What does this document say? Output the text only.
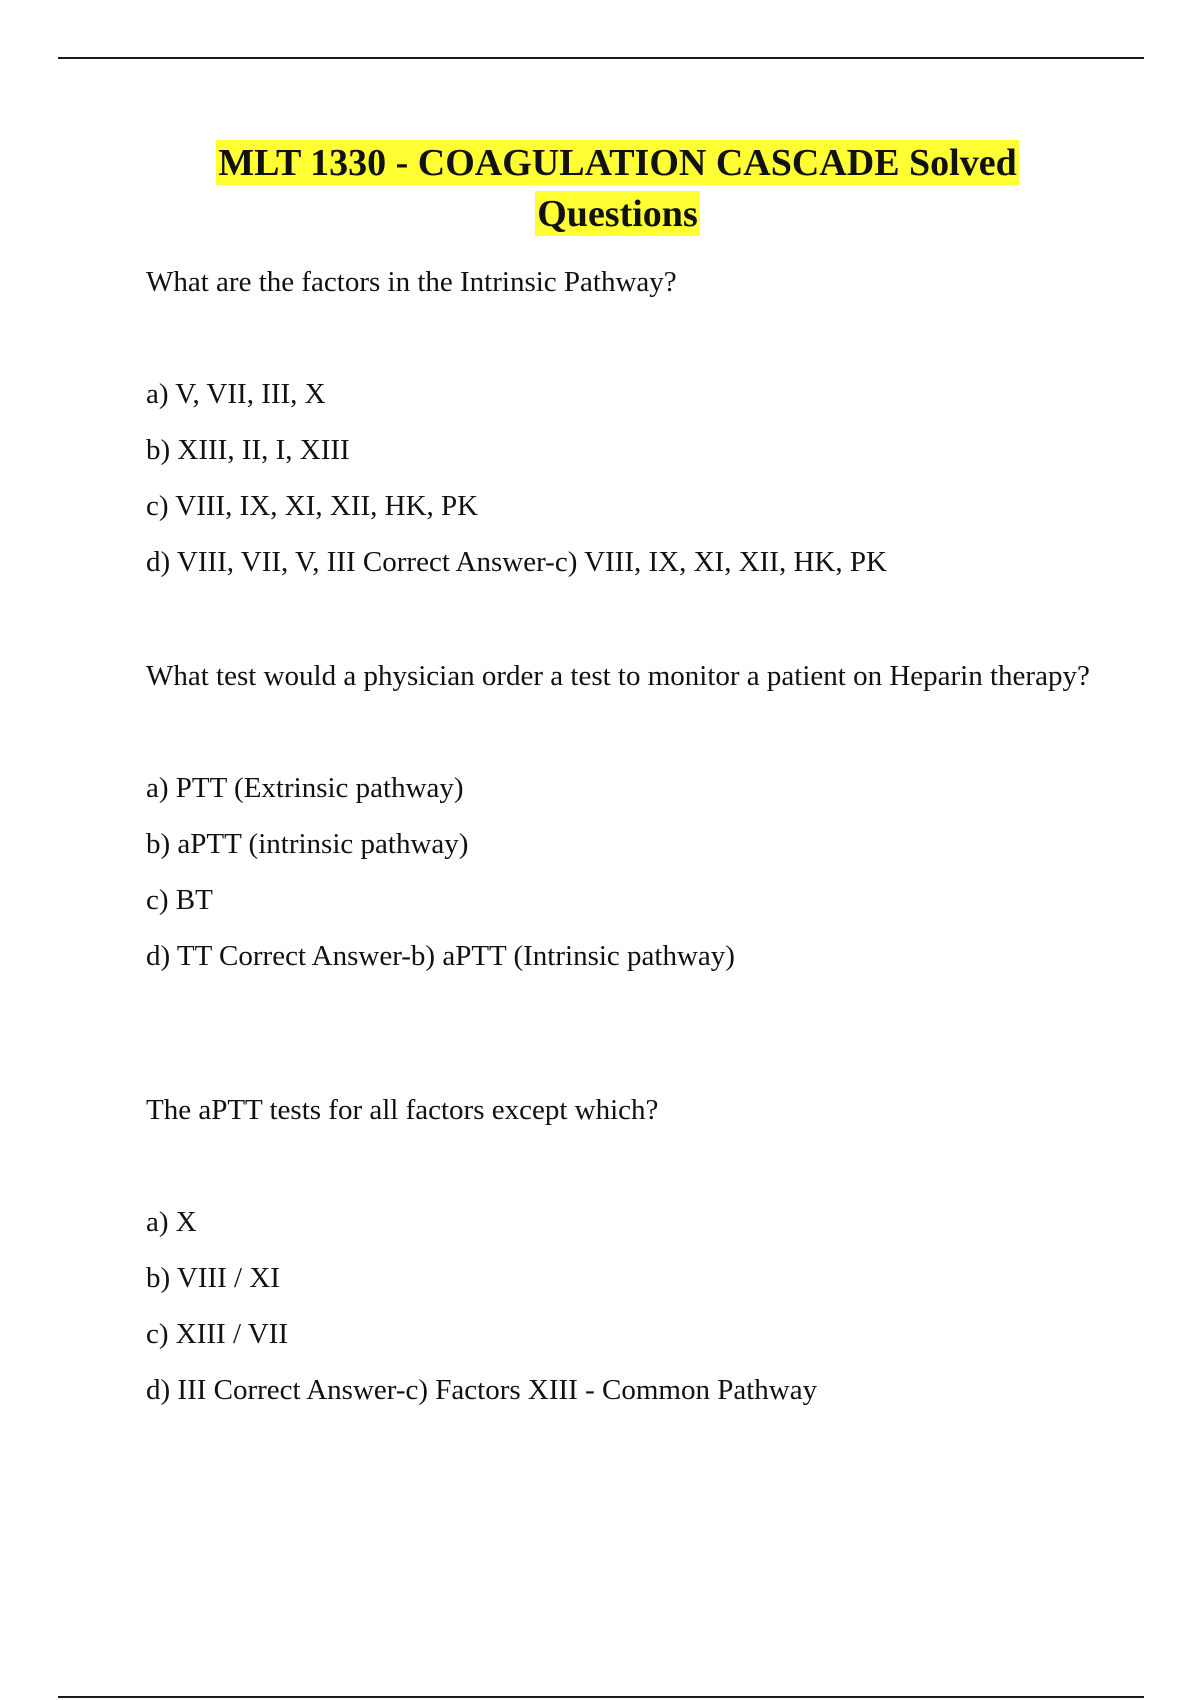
MLT 1330 - COAGULATION CASCADE Solved
Questions

What are the factors in the Intrinsic Pathway?

a) V, VII, III, X
b) XIII, II, I, XIII
c) VIII, IX, XI, XII, HK, PK
d) VIII, VII, V, III Correct Answer-c) VIII, IX, XI, XII, HK, PK

What test would a physician order a test to monitor a patient on Heparin therapy?

a) PTT (Extrinsic pathway)
b) aPTT (intrinsic pathway)
c) BT
d) TT Correct Answer-b) aPTT (Intrinsic pathway)

The aPTT tests for all factors except which?

a) X
b) VIII / XI
c) XIII / VII
d) III Correct Answer-c) Factors XIII - Common Pathway
